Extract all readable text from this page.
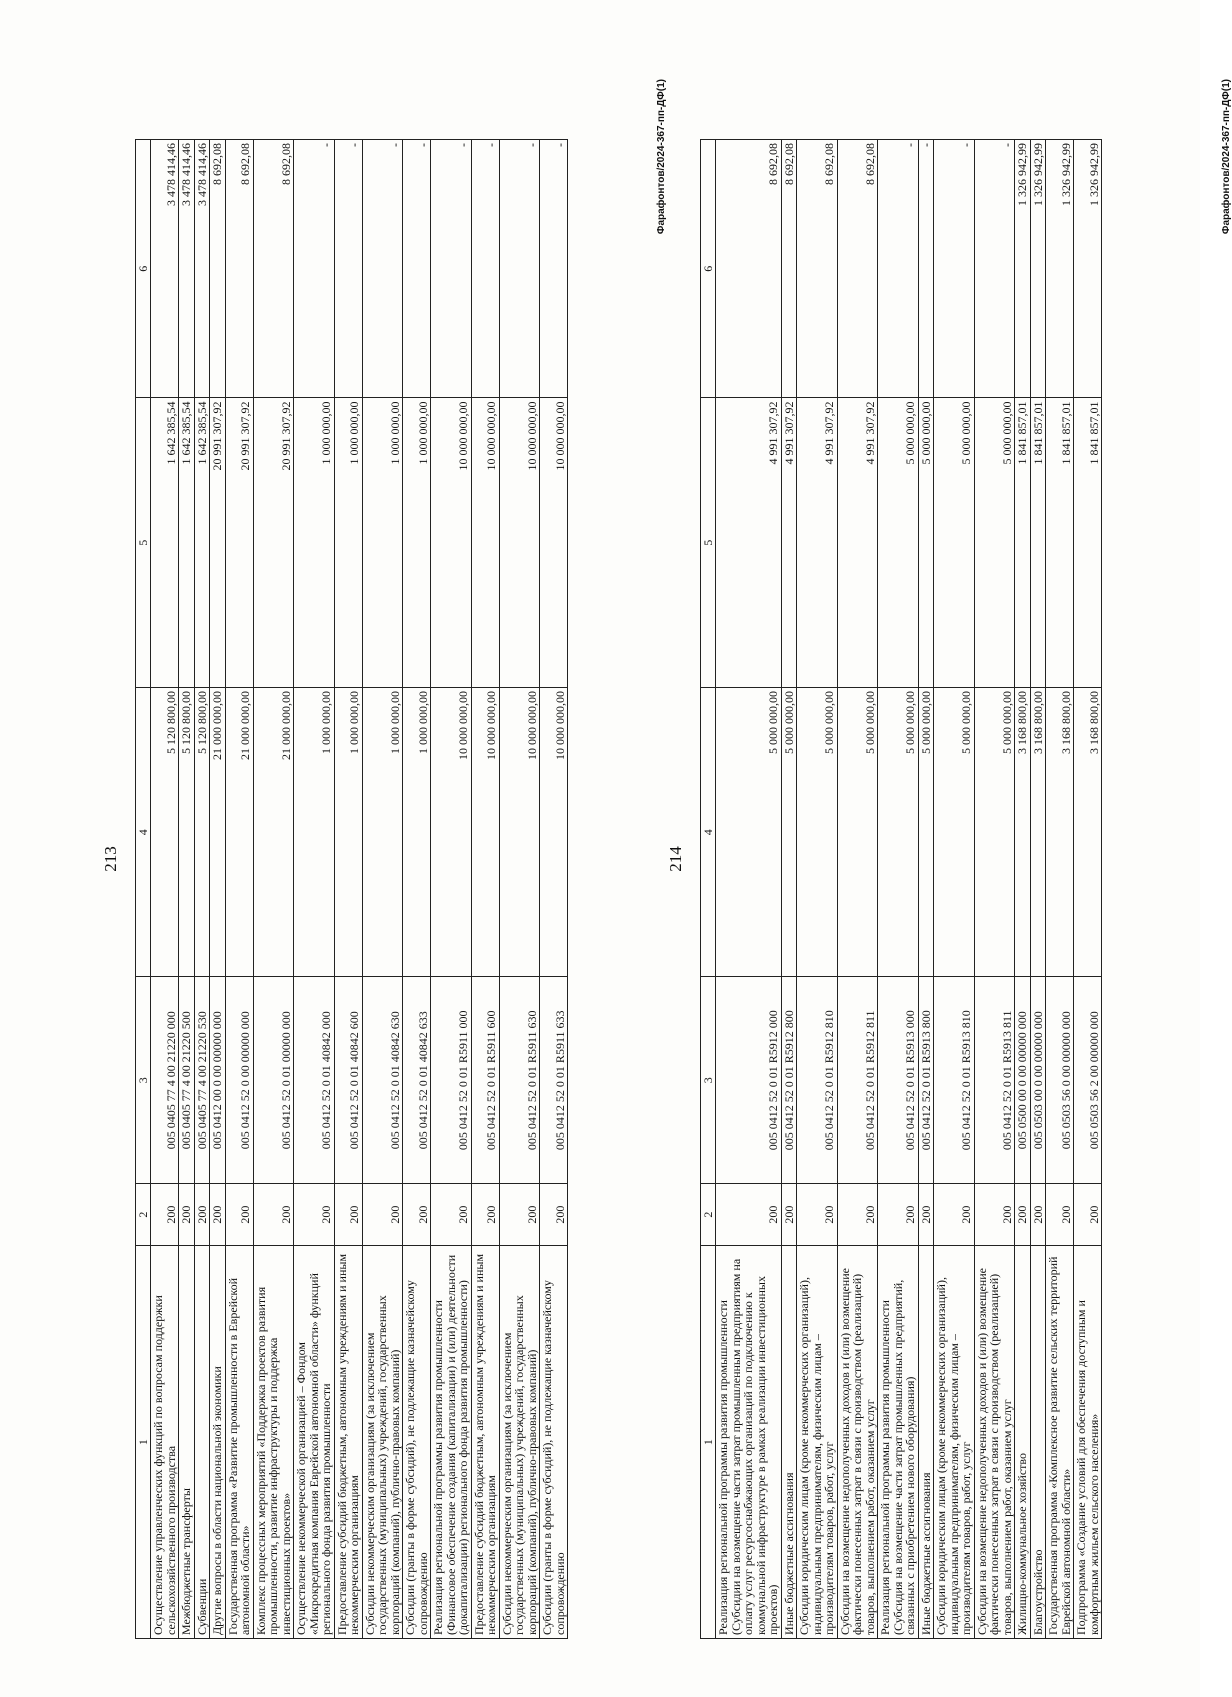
213
1	2	3	4	5	6
Осуществление управленческих функций по вопросам поддержки сельскохозяйственного производства	200	005 0405 77 4 00 21220 000	5 120 800,00	1 642 385,54	3 478 414,46
Межбюджетные трансферты	200	005 0405 77 4 00 21220 500	5 120 800,00	1 642 385,54	3 478 414,46
Субвенции	200	005 0405 77 4 00 21220 530	5 120 800,00	1 642 385,54	3 478 414,46
Другие вопросы в области национальной экономики	200	005 0412 00 0 00 00000 000	21 000 000,00	20 991 307,92	8 692,08
Государственная программа «Развитие промышленности в Еврейской автономной области»	200	005 0412 52 0 00 00000 000	21 000 000,00	20 991 307,92	8 692,08
Комплекс процессных мероприятий «Поддержка проектов развития промышленности, развитие инфраструктуры и поддержка инвестиционных проектов»	200	005 0412 52 0 01 00000 000	21 000 000,00	20 991 307,92	8 692,08
Осуществление некоммерческой организацией – Фондом «Микрокредитная компания Еврейской автономной области» функций регионального фонда развития промышленности	200	005 0412 52 0 01 40842 000	1 000 000,00	1 000 000,00	-
Предоставление субсидий бюджетным, автономным учреждениям и иным некоммерческим организациям	200	005 0412 52 0 01 40842 600	1 000 000,00	1 000 000,00	-
Субсидии некоммерческим организациям (за исключением государственных (муниципальных) учреждений, государственных корпораций (компаний), публично-правовых компаний)	200	005 0412 52 0 01 40842 630	1 000 000,00	1 000 000,00	-
Субсидии (гранты в форме субсидий), не подлежащие казначейскому сопровождению	200	005 0412 52 0 01 40842 633	1 000 000,00	1 000 000,00	-
Реализация региональной программы развития промышленности (Финансовое обеспечение создания (капитализации) и (или) деятельности (докапитализации) регионального фонда развития промышленности)	200	005 0412 52 0 01 R5911 000	10 000 000,00	10 000 000,00	-
Предоставление субсидий бюджетным, автономным учреждениям и иным некоммерческим организациям	200	005 0412 52 0 01 R5911 600	10 000 000,00	10 000 000,00	-
Субсидии некоммерческим организациям (за исключением государственных (муниципальных) учреждений, государственных корпораций (компаний), публично-правовых компаний)	200	005 0412 52 0 01 R5911 630	10 000 000,00	10 000 000,00	-
Субсидии (гранты в форме субсидий), не подлежащие казначейскому сопровождению	200	005 0412 52 0 01 R5911 633	10 000 000,00	10 000 000,00	-	Фарафонтов/2024-367-пп-ДФ(1)
214
1	2	3	4	5	6
Реализация региональной программы развития промышленности (Субсидии на возмещение части затрат промышленным предприятиям на оплату услуг ресурсоснабжающих организаций по подключению к коммунальной инфраструктуре в рамках реализации инвестиционных проектов)	200	005 0412 52 0 01 R5912 000	5 000 000,00	4 991 307,92	8 692,08
Иные бюджетные ассигнования	200	005 0412 52 0 01 R5912 800	5 000 000,00	4 991 307,92	8 692,08
Субсидии юридическим лицам (кроме некоммерческих организаций), индивидуальным предпринимателям, физическим лицам – производителям товаров, работ, услуг	200	005 0412 52 0 01 R5912 810	5 000 000,00	4 991 307,92	8 692,08
Субсидии на возмещение недополученных доходов и (или) возмещение фактически понесенных затрат в связи с производством (реализацией) товаров, выполнением работ, оказанием услуг	200	005 0412 52 0 01 R5912 811	5 000 000,00	4 991 307,92	8 692,08
Реализация региональной программы развития промышленности (Субсидия на возмещение части затрат промышленных предприятий, связанных с приобретением нового оборудования)	200	005 0412 52 0 01 R5913 000	5 000 000,00	5 000 000,00	-
Иные бюджетные ассигнования	200	005 0412 52 0 01 R5913 800	5 000 000,00	5 000 000,00	-
Субсидии юридическим лицам (кроме некоммерческих организаций), индивидуальным предпринимателям, физическим лицам – производителям товаров, работ, услуг	200	005 0412 52 0 01 R5913 810	5 000 000,00	5 000 000,00	-
Субсидии на возмещение недополученных доходов и (или) возмещение фактически понесенных затрат в связи с производством (реализацией) товаров, выполнением работ, оказанием услуг	200	005 0412 52 0 01 R5913 811	5 000 000,00	5 000 000,00	-
Жилищно-коммунальное хозяйство	200	005 0500 00 0 00 00000 000	3 168 800,00	1 841 857,01	1 326 942,99
Благоустройство	200	005 0503 00 0 00 00000 000	3 168 800,00	1 841 857,01	1 326 942,99
Государственная программа «Комплексное развитие сельских территорий Еврейской автономной области»	200	005 0503 56 0 00 00000 000	3 168 800,00	1 841 857,01	1 326 942,99
Подпрограмма «Создание условий для обеспечения доступным и комфортным жильем сельского населения»	200	005 0503 56 2 00 00000 000	3 168 800,00	1 841 857,01	1 326 942,99	Фарафонтов/2024-367-пп-ДФ(1)
